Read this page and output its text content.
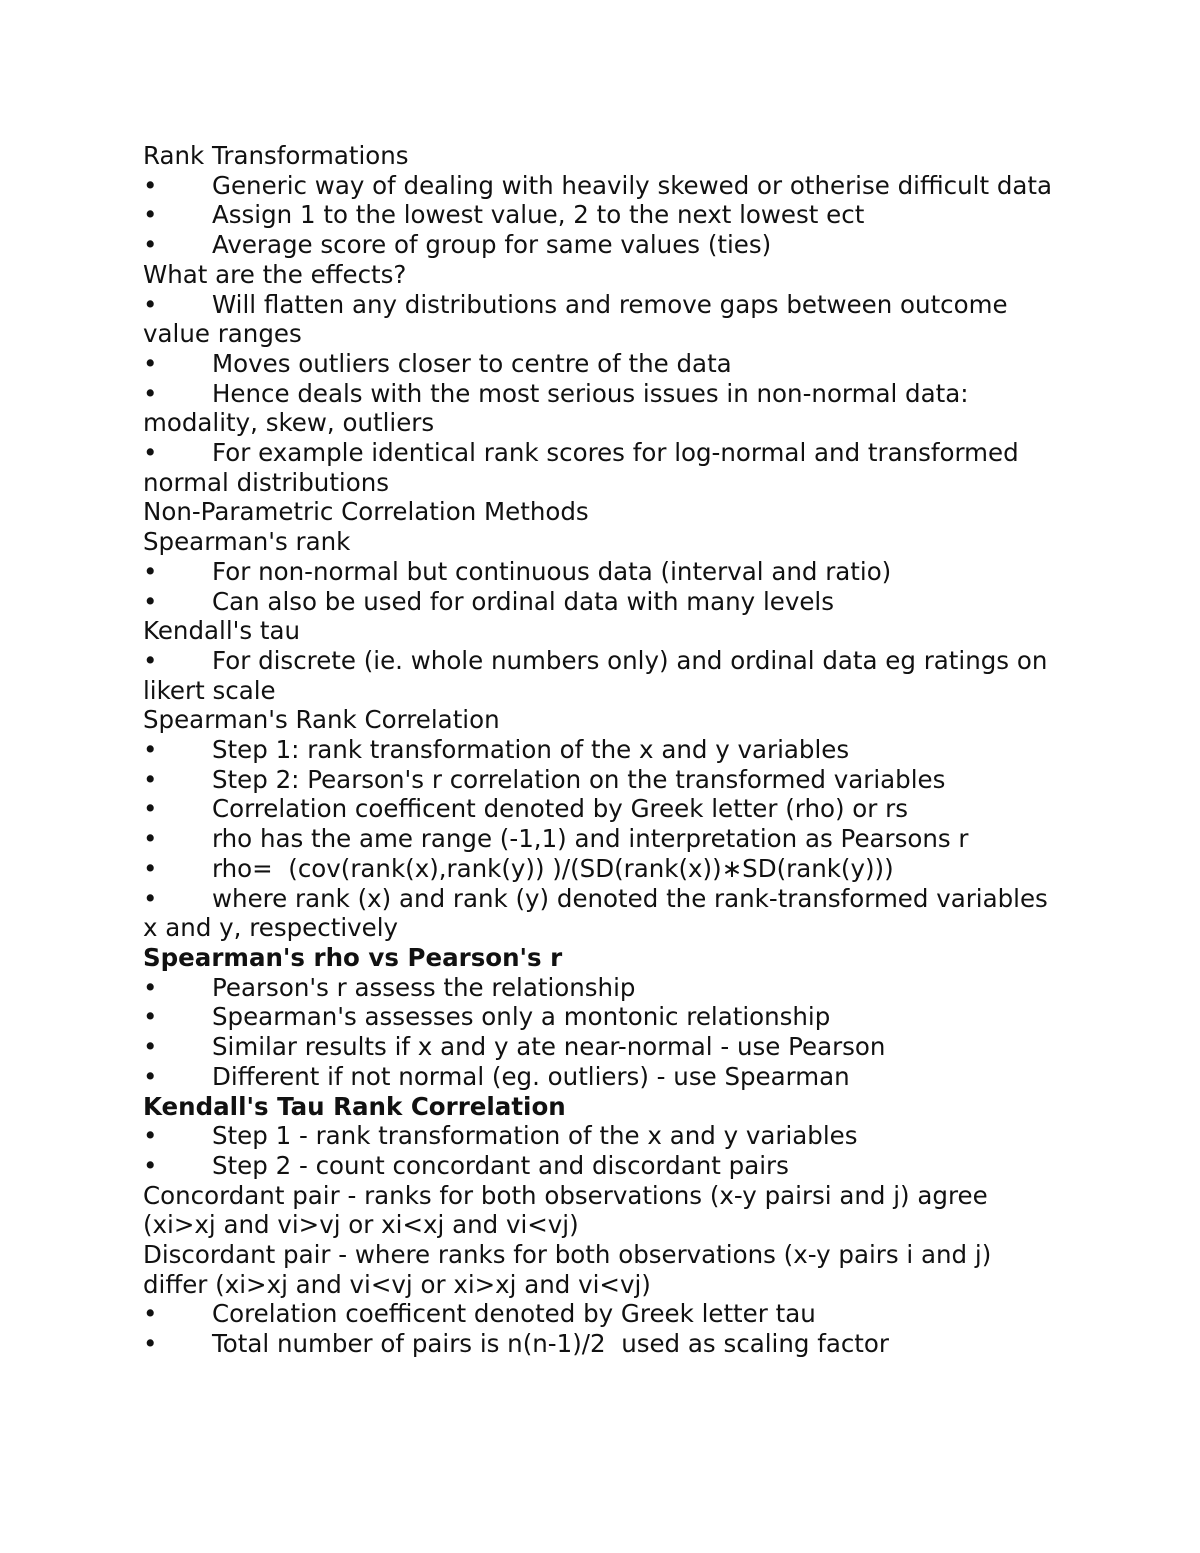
Rank Transformations
• Generic way of dealing with heavily skewed or otherise difficult data
• Assign 1 to the lowest value, 2 to the next lowest ect
• Average score of group for same values (ties)
What are the effects?
• Will flatten any distributions and remove gaps between outcome value ranges
• Moves outliers closer to centre of the data
• Hence deals with the most serious issues in non-normal data: modality, skew, outliers
• For example identical rank scores for log-normal and transformed normal distributions
Non-Parametric Correlation Methods
Spearman's rank
• For non-normal but continuous data (interval and ratio)
• Can also be used for ordinal data with many levels
Kendall's tau
• For discrete (ie. whole numbers only) and ordinal data eg ratings on likert scale
Spearman's Rank Correlation
• Step 1: rank transformation of the x and y variables
• Step 2: Pearson's r correlation on the transformed variables
• Correlation coefficent denoted by Greek letter (rho) or rs
• rho has the ame range (-1,1) and interpretation as Pearsons r
• rho=  (cov(rank(x),rank(y)) )/(SD(rank(x))∗SD(rank(y)))
• where rank (x) and rank (y) denoted the rank-transformed variables x and y, respectively
Spearman's rho vs Pearson's r
• Pearson's r assess the relationship
• Spearman's assesses only a montonic relationship
• Similar results if x and y ate near-normal - use Pearson
• Different if not normal (eg. outliers) - use Spearman
Kendall's Tau Rank Correlation
• Step 1 - rank transformation of the x and y variables
• Step 2 - count concordant and discordant pairs
Concordant pair - ranks for both observations (x-y pairsi and j) agree (xi>xj and vi>vj or xi<xj and vi<vj)
Discordant pair - where ranks for both observations (x-y pairs i and j) differ (xi>xj and vi<vj or xi>xj and vi<vj)
• Corelation coefficent denoted by Greek letter tau
• Total number of pairs is n(n-1)/2  used as scaling factor
